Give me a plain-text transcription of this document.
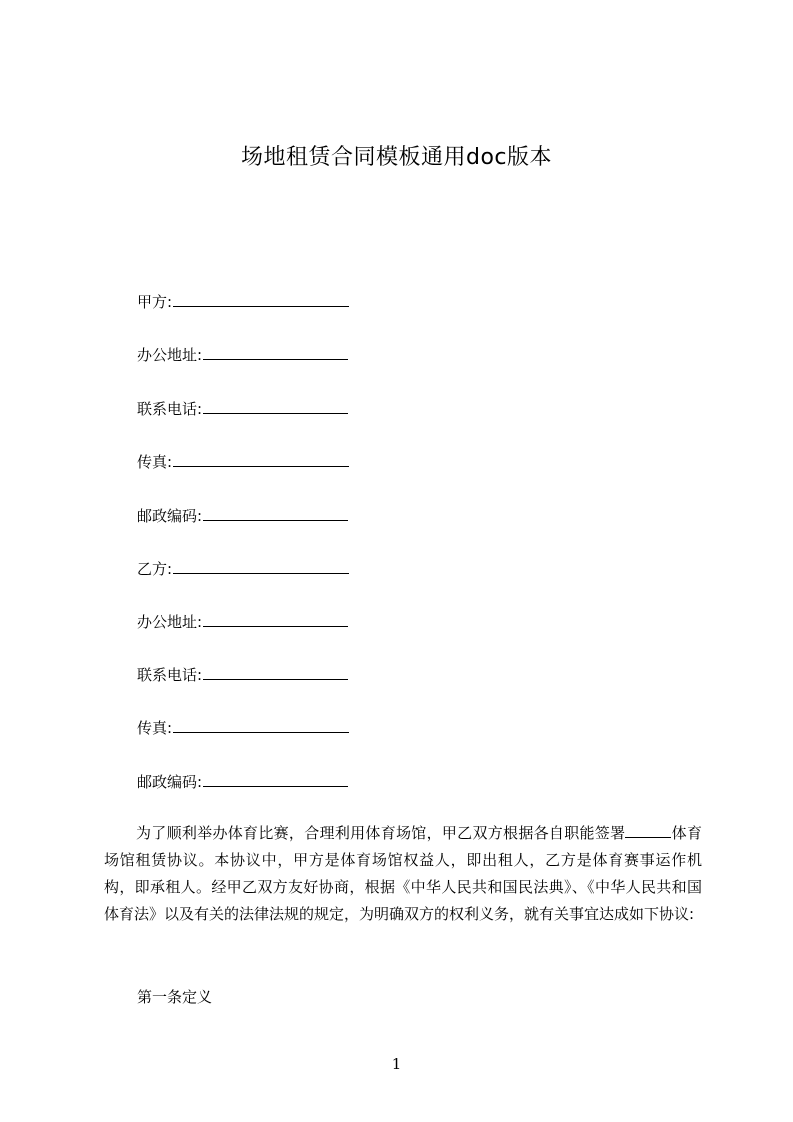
场地租赁合同模板通用doc版本
甲方:
办公地址:
联系电话:
传真:
邮政编码:
乙方:
办公地址:
联系电话:
传真:
邮政编码:
为了顺利举办体育比赛，合理利用体育场馆，甲乙双方根据各自职能签署	体育场馆租赁协议。本协议中，甲方是体育场馆权益人，即出租人，乙方是体育赛事运作机构，即承租人。经甲乙双方友好协商，根据《中华人民共和国民法典》、《中华人民共和国体育法》以及有关的法律法规的规定，为明确双方的权利义务，就有关事宜达成如下协议:
第一条定义
1
